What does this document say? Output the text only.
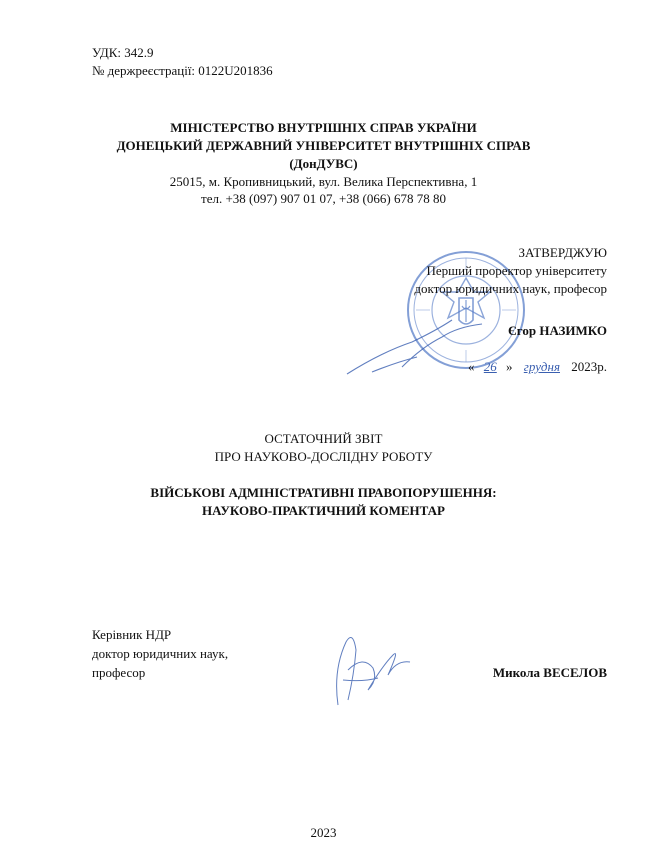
УДК: 342.9
№ держреєстрації: 0122U201836
МІНІСТЕРСТВО ВНУТРІШНІХ СПРАВ УКРАЇНИ
ДОНЕЦЬКИЙ ДЕРЖАВНИЙ УНІВЕРСИТЕТ ВНУТРІШНІХ СПРАВ
(ДонДУВС)
25015, м. Кропивницький, вул. Велика Перспективна, 1
тел. +38 (097) 907 01 07, +38 (066) 678 78 80
ЗАТВЕРДЖУЮ
Перший проректор університету
доктор юридичних наук, професор
Єгор НАЗИМКО
« 26 » грудня 2023р.
ОСТАТОЧНИЙ ЗВІТ
ПРО НАУКОВО-ДОСЛІДНУ РОБОТУ
ВІЙСЬКОВІ АДМІНІСТРАТИВНІ ПРАВОПОРУШЕННЯ:
НАУКОВО-ПРАКТИЧНИЙ КОМЕНТАР
Керівник НДР
доктор юридичних наук,
професор	Микола ВЕСЕЛОВ
2023
